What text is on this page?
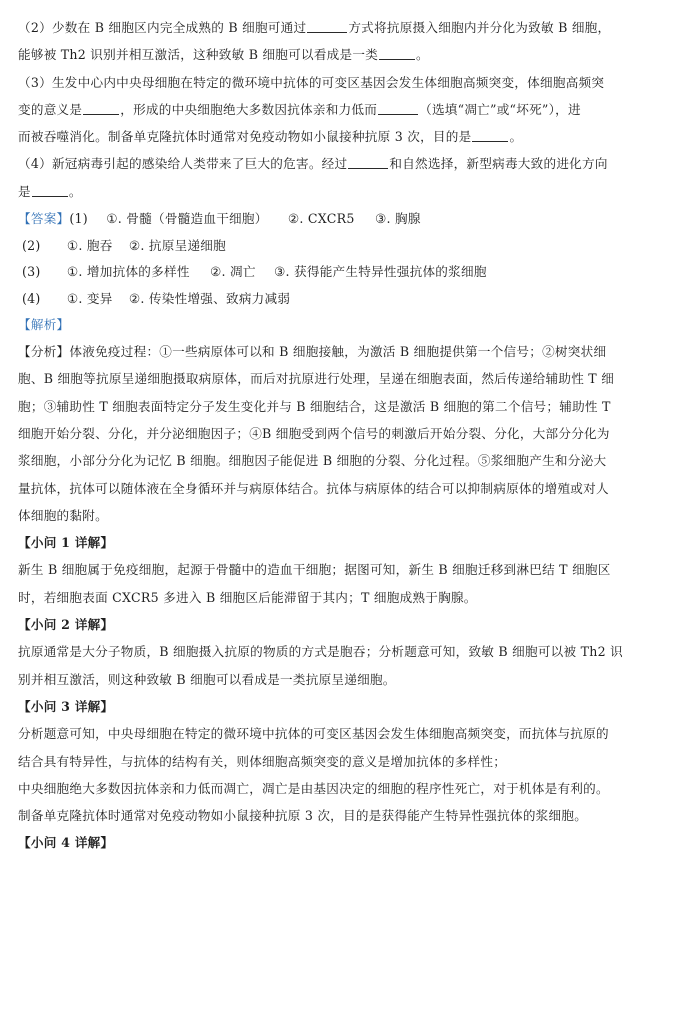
（2）少数在 B 细胞区内完全成熟的 B 细胞可通过	方式将抗原摄入细胞内并分化为致敏 B 细胞，
能够被 Th2 识别并相互激活，这种致敏 B 细胞可以看成是一类	。
（3）生发中心内中央母细胞在特定的微环境中抗体的可变区基因会发生体细胞高频突变，体细胞高频突
变的意义是	，形成的中央细胞绝大多数因抗体亲和力低而	（选填“凋亡”或“坏死”），进
而被吞噬消化。制备单克隆抗体时通常对免疫动物如小鼠接种抗原 3 次，目的是	。
（4）新冠病毒引起的感染给人类带来了巨大的危害。经过	和自然选择，新型病毒大致的进化方向
是	。
【答案】(1) ①. 骨髓（骨髓造血干细胞） ②. CXCR5 ③. 胸腺
(2) ①. 胞吞 ②. 抗原呈递细胞
(3) ①. 增加抗体的多样性 ②. 凋亡 ③. 获得能产生特异性强抗体的浆细胞
(4) ①. 变异 ②. 传染性增强、致病力减弱
【解析】
【分析】体液免疫过程：①一些病原体可以和 B 细胞接触，为激活 B 细胞提供第一个信号；②树突状细
胞、B 细胞等抗原呈递细胞摄取病原体，而后对抗原进行处理，呈递在细胞表面，然后传递给辅助性 T 细
胞；③辅助性 T 细胞表面特定分子发生变化并与 B 细胞结合，这是激活 B 细胞的第二个信号；辅助性 T
细胞开始分裂、分化，并分泌细胞因子；④B 细胞受到两个信号的刺激后开始分裂、分化，大部分分化为
浆细胞，小部分分化为记忆 B 细胞。细胞因子能促进 B 细胞的分裂、分化过程。⑤浆细胞产生和分泌大
量抗体，抗体可以随体液在全身循环并与病原体结合。抗体与病原体的结合可以抑制病原体的增殖或对人
体细胞的黏附。
【小问 1 详解】
新生 B 细胞属于免疫细胞，起源于骨髓中的造血干细胞；据图可知，新生 B 细胞迁移到淋巴结 T 细胞区
时，若细胞表面 CXCR5 多进入 B 细胞区后能滞留于其内；T 细胞成熟于胸腺。
【小问 2 详解】
抗原通常是大分子物质，B 细胞摄入抗原的物质的方式是胞吞；分析题意可知，致敏 B 细胞可以被 Th2 识
别并相互激活，则这种致敏 B 细胞可以看成是一类抗原呈递细胞。
【小问 3 详解】
分析题意可知，中央母细胞在特定的微环境中抗体的可变区基因会发生体细胞高频突变，而抗体与抗原的
结合具有特异性，与抗体的结构有关，则体细胞高频突变的意义是增加抗体的多样性；
中央细胞绝大多数因抗体亲和力低而凋亡，凋亡是由基因决定的细胞的程序性死亡，对于机体是有利的。
制备单克隆抗体时通常对免疫动物如小鼠接种抗原 3 次，目的是获得能产生特异性强抗体的浆细胞。
【小问 4 详解】
